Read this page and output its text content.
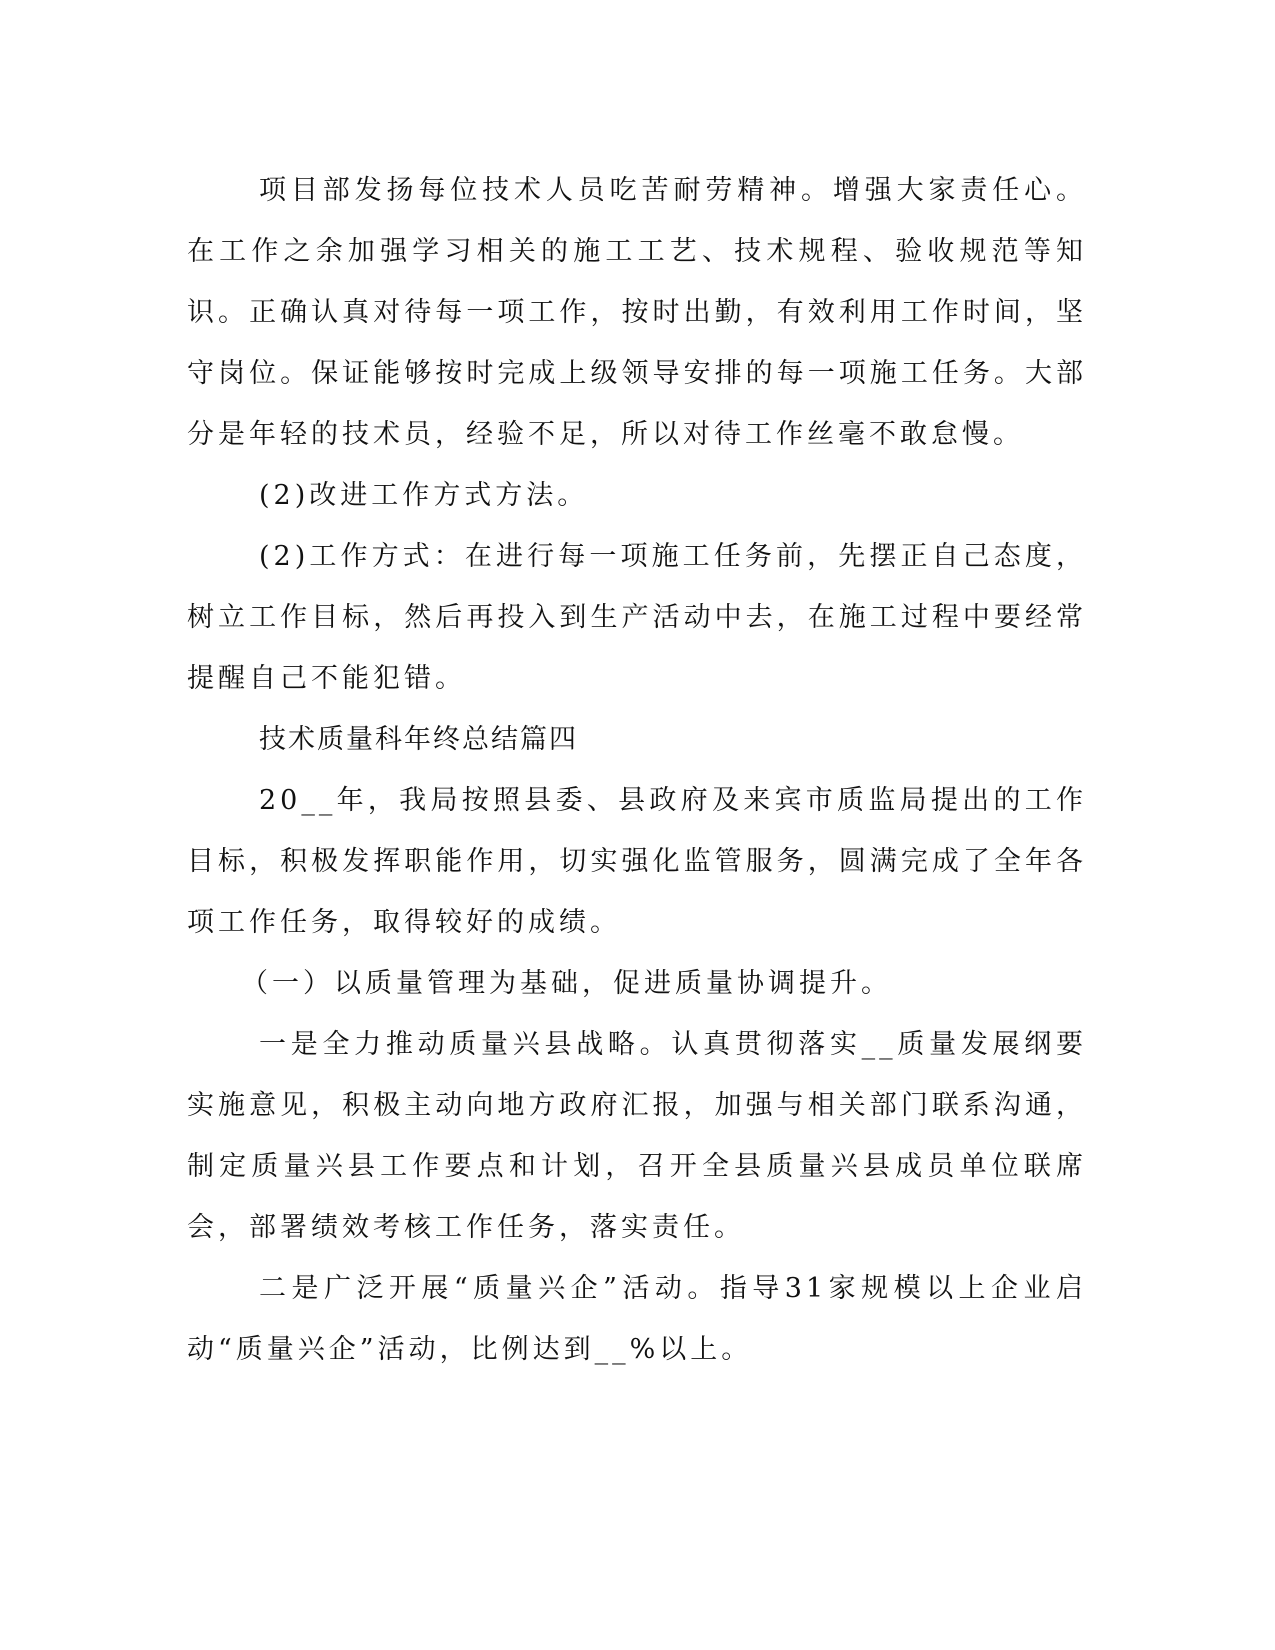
项目部发扬每位技术人员吃苦耐劳精神。增强大家责任心。在工作之余加强学习相关的施工工艺、技术规程、验收规范等知识。正确认真对待每一项工作，按时出勤，有效利用工作时间，坚守岗位。保证能够按时完成上级领导安排的每一项施工任务。大部分是年轻的技术员，经验不足，所以对待工作丝毫不敢怠慢。

(2)改进工作方式方法。

(2)工作方式：在进行每一项施工任务前，先摆正自己态度，树立工作目标，然后再投入到生产活动中去，在施工过程中要经常提醒自己不能犯错。

技术质量科年终总结篇四

20__年，我局按照县委、县政府及来宾市质监局提出的工作目标，积极发挥职能作用，切实强化监管服务，圆满完成了全年各项工作任务，取得较好的成绩。

（一）以质量管理为基础，促进质量协调提升。

一是全力推动质量兴县战略。认真贯彻落实__质量发展纲要实施意见，积极主动向地方政府汇报，加强与相关部门联系沟通，制定质量兴县工作要点和计划，召开全县质量兴县成员单位联席会，部署绩效考核工作任务，落实责任。

二是广泛开展“质量兴企”活动。指导31家规模以上企业启动“质量兴企”活动，比例达到__%以上。
